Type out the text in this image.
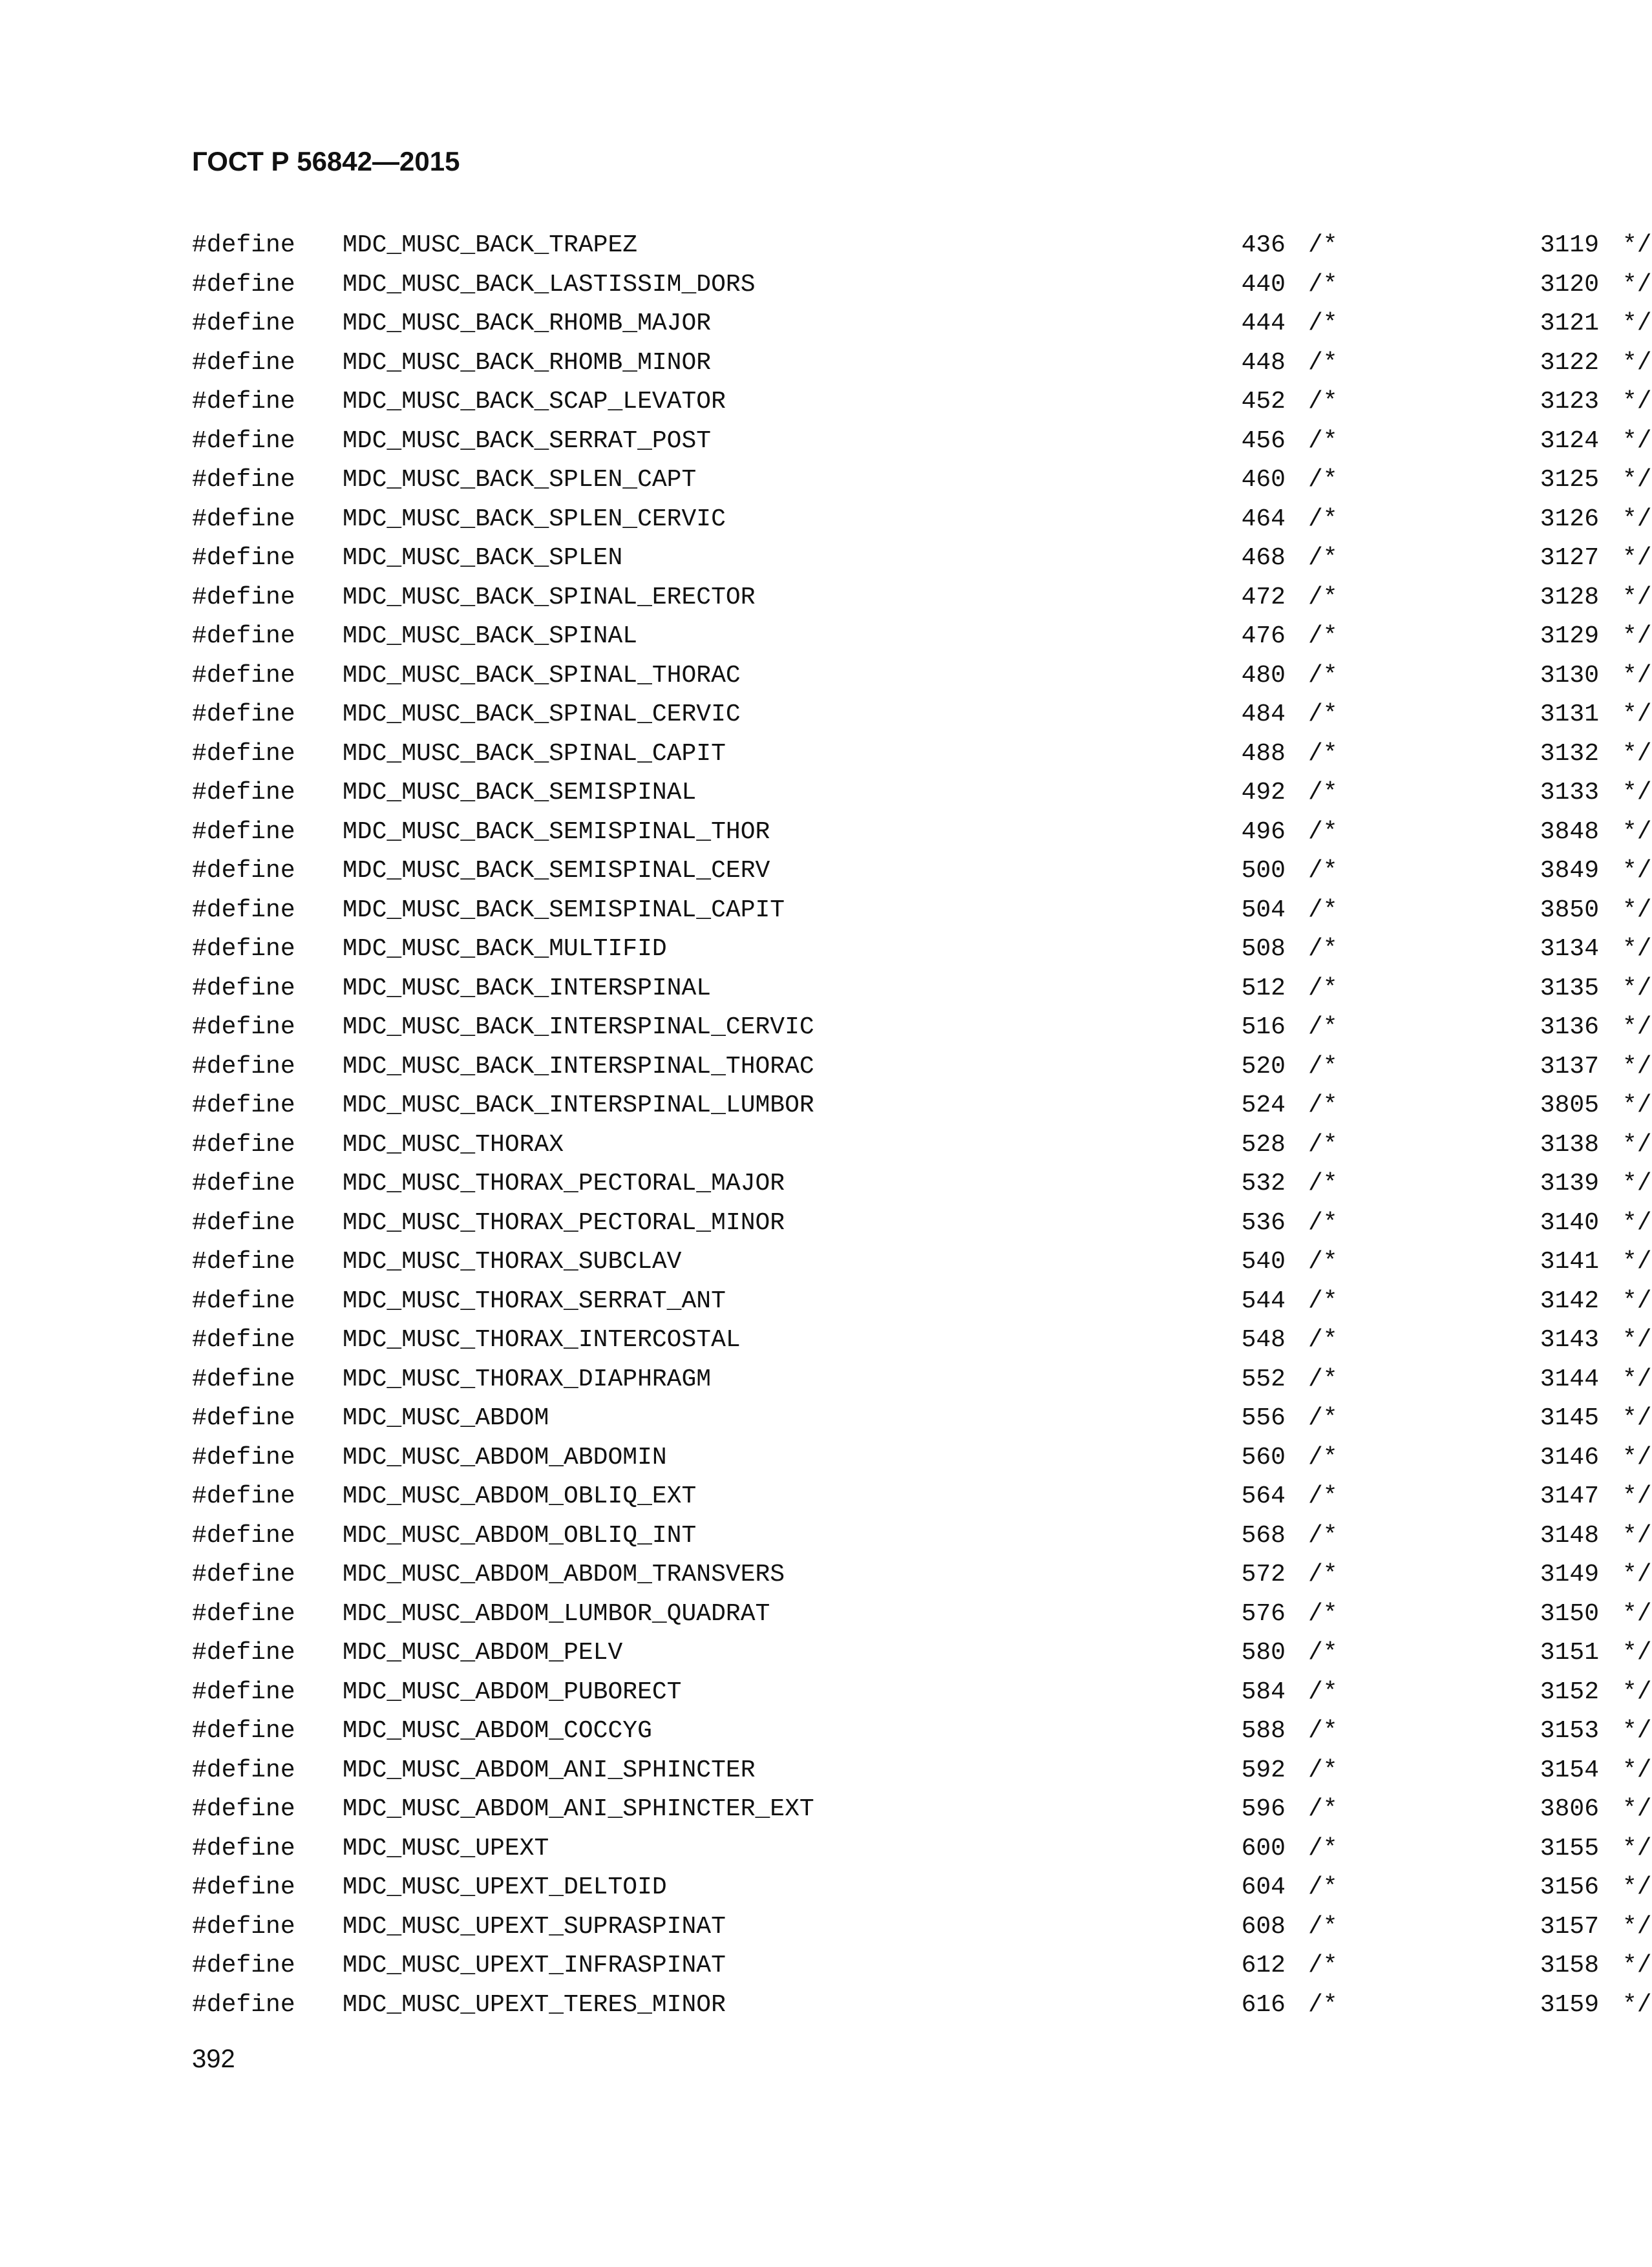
ГОСТ Р 56842—2015
#define MDC_MUSC_BACK_TRAPEZ	436 /*	3119 */
#define MDC_MUSC_BACK_LASTISSIM_DORS	440 /*	3120 */
#define MDC_MUSC_BACK_RHOMB_MAJOR	444 /*	3121 */
#define MDC_MUSC_BACK_RHOMB_MINOR	448 /*	3122 */
#define MDC_MUSC_BACK_SCAP_LEVATOR	452 /*	3123 */
#define MDC_MUSC_BACK_SERRAT_POST	456 /*	3124 */
#define MDC_MUSC_BACK_SPLEN_CAPT	460 /*	3125 */
#define MDC_MUSC_BACK_SPLEN_CERVIC	464 /*	3126 */
#define MDC_MUSC_BACK_SPLEN	468 /*	3127 */
#define MDC_MUSC_BACK_SPINAL_ERECTOR	472 /*	3128 */
#define MDC_MUSC_BACK_SPINAL	476 /*	3129 */
#define MDC_MUSC_BACK_SPINAL_THORAC	480 /*	3130 */
#define MDC_MUSC_BACK_SPINAL_CERVIC	484 /*	3131 */
#define MDC_MUSC_BACK_SPINAL_CAPIT	488 /*	3132 */
#define MDC_MUSC_BACK_SEMISPINAL	492 /*	3133 */
#define MDC_MUSC_BACK_SEMISPINAL_THOR	496 /*	3848 */
#define MDC_MUSC_BACK_SEMISPINAL_CERV	500 /*	3849 */
#define MDC_MUSC_BACK_SEMISPINAL_CAPIT	504 /*	3850 */
#define MDC_MUSC_BACK_MULTIFID	508 /*	3134 */
#define MDC_MUSC_BACK_INTERSPINAL	512 /*	3135 */
#define MDC_MUSC_BACK_INTERSPINAL_CERVIC	516 /*	3136 */
#define MDC_MUSC_BACK_INTERSPINAL_THORAC	520 /*	3137 */
#define MDC_MUSC_BACK_INTERSPINAL_LUMBOR	524 /*	3805 */
#define MDC_MUSC_THORAX	528 /*	3138 */
#define MDC_MUSC_THORAX_PECTORAL_MAJOR	532 /*	3139 */
#define MDC_MUSC_THORAX_PECTORAL_MINOR	536 /*	3140 */
#define MDC_MUSC_THORAX_SUBCLAV	540 /*	3141 */
#define MDC_MUSC_THORAX_SERRAT_ANT	544 /*	3142 */
#define MDC_MUSC_THORAX_INTERCOSTAL	548 /*	3143 */
#define MDC_MUSC_THORAX_DIAPHRAGM	552 /*	3144 */
#define MDC_MUSC_ABDOM	556 /*	3145 */
#define MDC_MUSC_ABDOM_ABDOMIN	560 /*	3146 */
#define MDC_MUSC_ABDOM_OBLIQ_EXT	564 /*	3147 */
#define MDC_MUSC_ABDOM_OBLIQ_INT	568 /*	3148 */
#define MDC_MUSC_ABDOM_ABDOM_TRANSVERS	572 /*	3149 */
#define MDC_MUSC_ABDOM_LUMBOR_QUADRAT	576 /*	3150 */
#define MDC_MUSC_ABDOM_PELV	580 /*	3151 */
#define MDC_MUSC_ABDOM_PUBORECT	584 /*	3152 */
#define MDC_MUSC_ABDOM_COCCYG	588 /*	3153 */
#define MDC_MUSC_ABDOM_ANI_SPHINCTER	592 /*	3154 */
#define MDC_MUSC_ABDOM_ANI_SPHINCTER_EXT	596 /*	3806 */
#define MDC_MUSC_UPEXT	600 /*	3155 */
#define MDC_MUSC_UPEXT_DELTOID	604 /*	3156 */
#define MDC_MUSC_UPEXT_SUPRASPINAT	608 /*	3157 */
#define MDC_MUSC_UPEXT_INFRASPINAT	612 /*	3158 */
#define MDC_MUSC_UPEXT_TERES_MINOR	616 /*	3159 */

392
